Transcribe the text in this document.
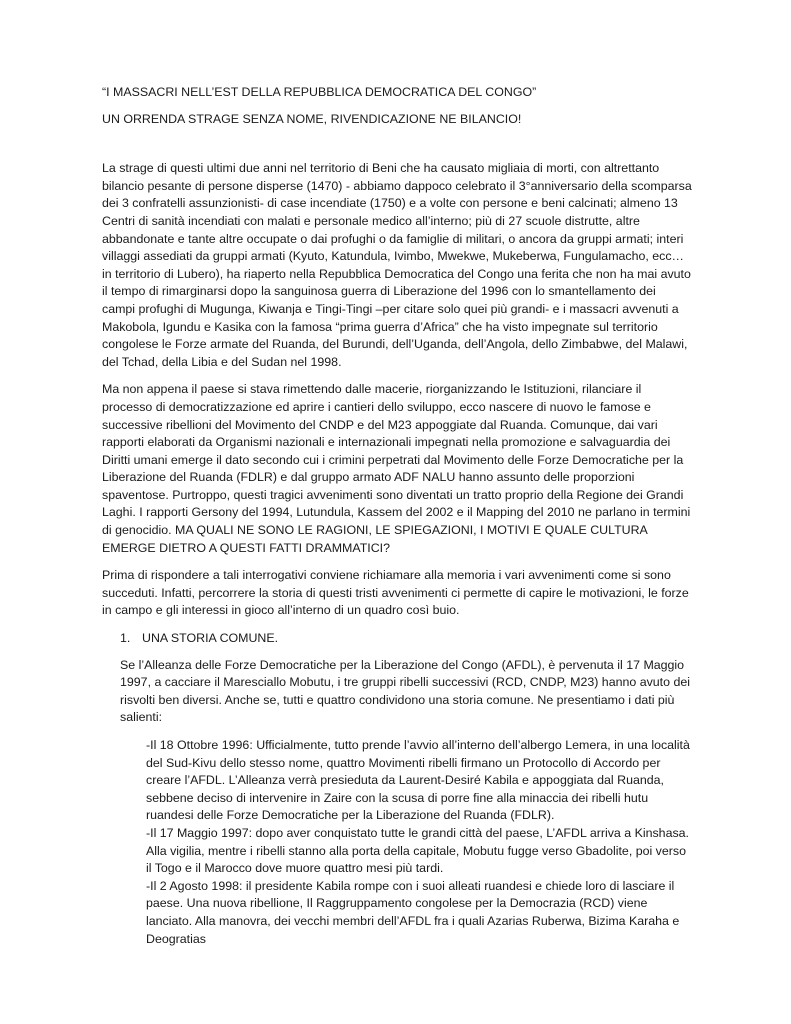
“I MASSACRI NELL’EST DELLA REPUBBLICA DEMOCRATICA DEL CONGO”
UN ORRENDA STRAGE SENZA NOME, RIVENDICAZIONE NE BILANCIO!

La strage di questi ultimi due anni nel territorio di Beni che ha causato migliaia di morti, con altrettanto bilancio pesante di persone disperse (1470) - abbiamo dappoco celebrato il 3°anniversario della scomparsa dei 3 confratelli assunzionisti- di case incendiate (1750) e a volte con persone e beni calcinati; almeno 13 Centri di sanità incendiati con malati e personale medico all’interno; più di 27 scuole distrutte, altre abbandonate e tante altre occupate o dai profughi o da famiglie di militari, o ancora da gruppi armati; interi villaggi assediati da gruppi armati (Kyuto, Katundula, Ivimbo, Mwekwe, Mukeberwa, Fungulamacho, ecc…in territorio di Lubero), ha riaperto nella Repubblica Democratica del Congo una ferita che non ha mai avuto il tempo di rimarginarsi dopo la sanguinosa guerra di Liberazione del 1996 con lo smantellamento dei campi profughi di Mugunga, Kiwanja e Tingi-Tingi –per citare solo quei più grandi- e i massacri avvenuti a Makobola, Igundu e Kasika con la famosa “prima guerra d’Africa” che ha visto impegnate sul territorio congolese le Forze armate del Ruanda, del Burundi, dell’Uganda, dell’Angola, dello Zimbabwe, del Malawi, del Tchad, della Libia e del Sudan nel 1998.

Ma non appena il paese si stava rimettendo dalle macerie, riorganizzando le Istituzioni, rilanciare il processo di democratizzazione ed aprire i cantieri dello sviluppo, ecco nascere di nuovo le famose e successive ribellioni del Movimento del CNDP e del M23 appoggiate dal Ruanda. Comunque, dai vari rapporti elaborati da Organismi nazionali e internazionali impegnati nella promozione e salvaguardia dei Diritti umani emerge il dato secondo cui i crimini perpetrati dal Movimento delle Forze Democratiche per la Liberazione del Ruanda (FDLR) e dal gruppo armato ADF NALU hanno assunto delle proporzioni spaventose. Purtroppo, questi tragici avvenimenti sono diventati un tratto proprio della Regione dei Grandi Laghi. I rapporti Gersony del 1994, Lutundula, Kassem del 2002 e il Mapping del 2010 ne parlano in termini di genocidio. MA QUALI NE SONO LE RAGIONI, LE SPIEGAZIONI, I MOTIVI E QUALE CULTURA EMERGE DIETRO A QUESTI FATTI DRAMMATICI?

Prima di rispondere a tali interrogativi conviene richiamare alla memoria i vari avvenimenti come si sono succeduti. Infatti, percorrere la storia di questi tristi avvenimenti ci permette di capire le motivazioni, le forze in campo e gli interessi in gioco all’interno di un quadro così buio.

1. UNA STORIA COMUNE.

Se l’Alleanza delle Forze Democratiche per la Liberazione del Congo (AFDL), è pervenuta il 17 Maggio 1997, a cacciare il Maresciallo Mobutu, i tre gruppi ribelli successivi (RCD, CNDP, M23) hanno avuto dei risvolti ben diversi. Anche se, tutti e quattro condividono una storia comune. Ne presentiamo i dati più salienti:

-Il 18 Ottobre 1996: Ufficialmente, tutto prende l’avvio all’interno dell’albergo Lemera, in una località del Sud-Kivu dello stesso nome, quattro Movimenti ribelli firmano un Protocollo di Accordo per creare l’AFDL. L’Alleanza verrà presieduta da Laurent-Desiré Kabila e appoggiata dal Ruanda, sebbene deciso di intervenire in Zaire con la scusa di porre fine alla minaccia dei ribelli hutu ruandesi delle Forze Democratiche per la Liberazione del Ruanda (FDLR).
-Il 17 Maggio 1997: dopo aver conquistato tutte le grandi città del paese, L’AFDL arriva a Kinshasa. Alla vigilia, mentre i ribelli stanno alla porta della capitale, Mobutu fugge verso Gbadolite, poi verso il Togo e il Marocco dove muore quattro mesi più tardi.
-Il 2 Agosto 1998: il presidente Kabila rompe con i suoi alleati ruandesi e chiede loro di lasciare il paese. Una nuova ribellione, Il Raggruppamento congolese per la Democrazia (RCD) viene lanciato. Alla manovra, dei vecchi membri dell’AFDL fra i quali Azarias Ruberwa, Bizima Karaha e Deogratias
